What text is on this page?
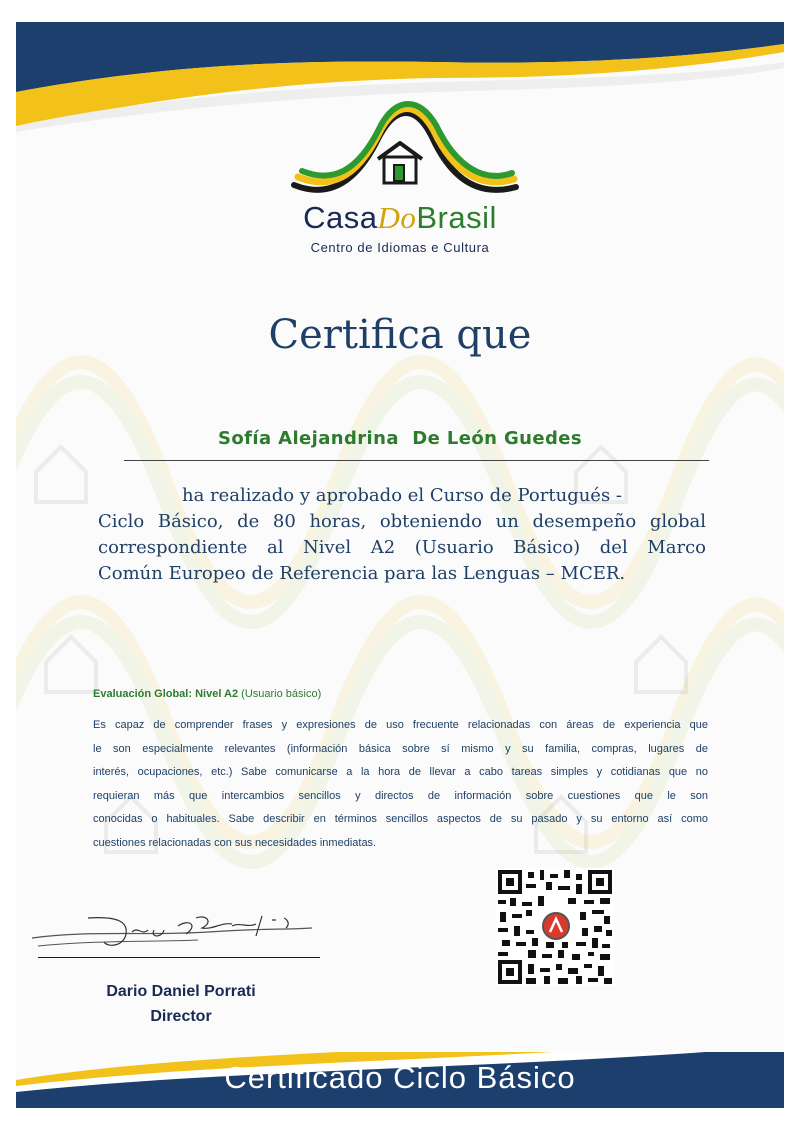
CasaDoBrasil
Centro de Idiomas e Cultura
Certifica que
Sofía Alejandrina  De León Guedes
ha realizado y aprobado el Curso de Portugués -
Ciclo Básico, de 80 horas, obteniendo un desempeño global
correspondiente al Nivel A2 (Usuario Básico) del Marco
Común Europeo de Referencia para las Lenguas – MCER.
Evaluación Global: Nivel A2 (Usuario básico)
Es capaz de comprender frases y expresiones de uso frecuente relacionadas con áreas de experiencia que
le son especialmente relevantes (información básica sobre sí mismo y su familia, compras, lugares de
interés, ocupaciones, etc.) Sabe comunicarse a la hora de llevar a cabo tareas simples y cotidianas que no
requieran más que intercambios sencillos y directos de información sobre cuestiones que le son
conocidas o habituales. Sabe describir en términos sencillos aspectos de su pasado y su entorno así como
cuestiones relacionadas con sus necesidades inmediatas.
Dario Daniel Porrati
Director
Certificado Ciclo Básico
